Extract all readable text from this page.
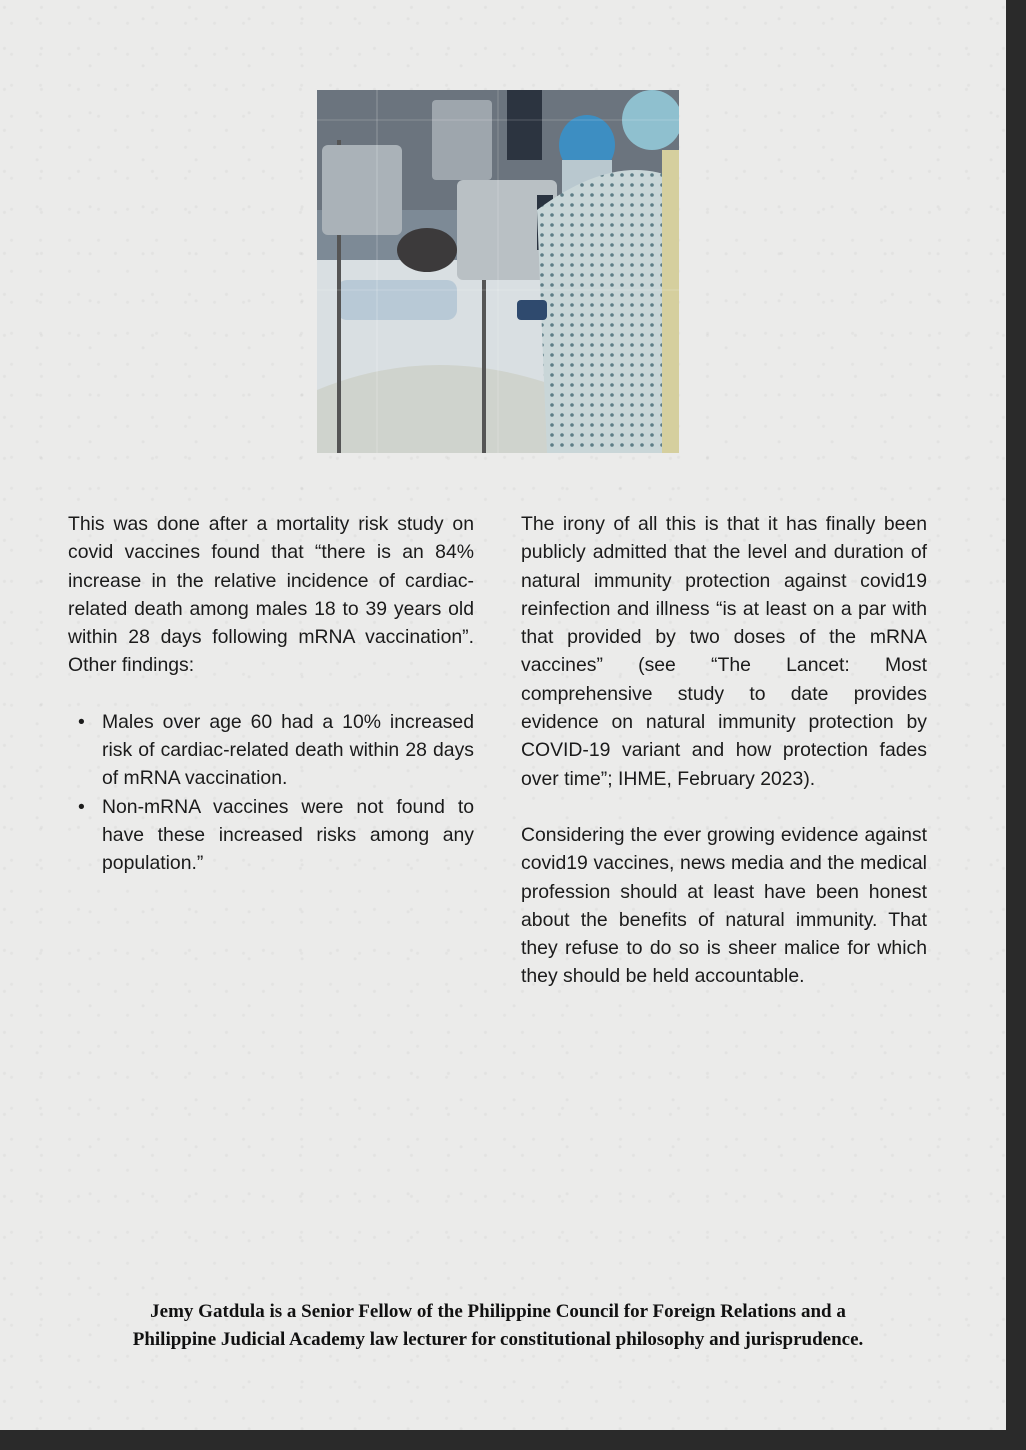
This was done after a mortality risk study on covid vaccines found that “there is an 84% increase in the relative incidence of cardiac-related death among males 18 to 39 years old within 28 days following mRNA vaccination”. Other findings:

• Males over age 60 had a 10% increased risk of cardiac-related death within 28 days of mRNA vaccination.
• Non-mRNA vaccines were not found to have these increased risks among any population.”

The irony of all this is that it has finally been publicly admitted that the level and duration of natural immunity protection against covid19 reinfection and illness “is at least on a par with that provided by two doses of the mRNA vaccines” (see “The Lancet: Most comprehensive study to date provides evidence on natural immunity protection by COVID-19 variant and how protection fades over time”; IHME, February 2023).

Considering the ever growing evidence against covid19 vaccines, news media and the medical profession should at least have been honest about the benefits of natural immunity. That they refuse to do so is sheer malice for which they should be held accountable.

Jemy Gatdula is a Senior Fellow of the Philippine Council for Foreign Relations and a
Philippine Judicial Academy law lecturer for constitutional philosophy and jurisprudence.
